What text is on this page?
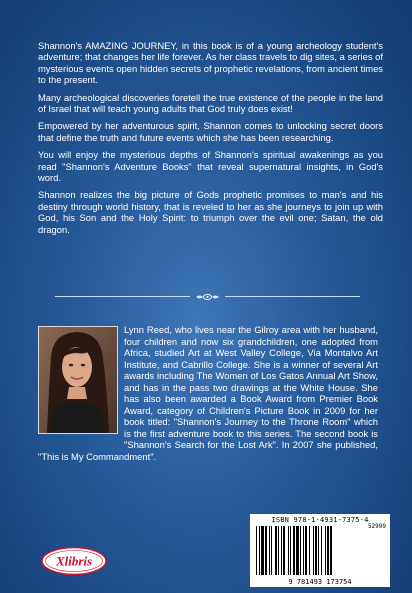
Shannon's AMAZING JOURNEY, in this book is of a young archeology student's adventure; that changes her life forever. As her class travels to dig sites, a series of mysterious events open hidden secrets of prophetic revelations, from ancient times to the present.

Many archeological discoveries foretell the true existence of the people in the land of Israel that will teach young adults that God truly does exist!

Empowered by her adventurous spirit, Shannon comes to unlocking secret doors that define the truth and future events which she has been researching.

You will enjoy the mysterious depths of Shannon's spiritual awakenings as you read "Shannon's Adventure Books" that reveal supernatural insights, in God's word.

Shannon realizes the big picture of Gods prophetic promises to man's and his destiny through world history, that is reveled to her as she journeys to join up with God, his Son and the Holy Spirit: to triumph over the evil one; Satan, the old dragon.

Lynn Reed, who lives near the Gilroy area with her husband, four children and now six grandchildren, one adopted from Africa, studied Art at West Valley College, Via Montalvo Art Institute, and Cabrillo College. She is a winner of several Art awards including The Women of Los Gatos Annual Art Show, and has in the pass two drawings at the White House. She has also been awarded a Book Award from Premier Book Award, category of Children's Picture Book in 2009 for her book titled: "Shannon's Journey to the Throne Room" which is the first adventure book to this series. The second book is "Shannon's Search for the Lost Ark". In 2007 she published, "This is My Commandment".
Xlibris
ISBN 978-1-4931-7375-4
52999
9 781493 173754
